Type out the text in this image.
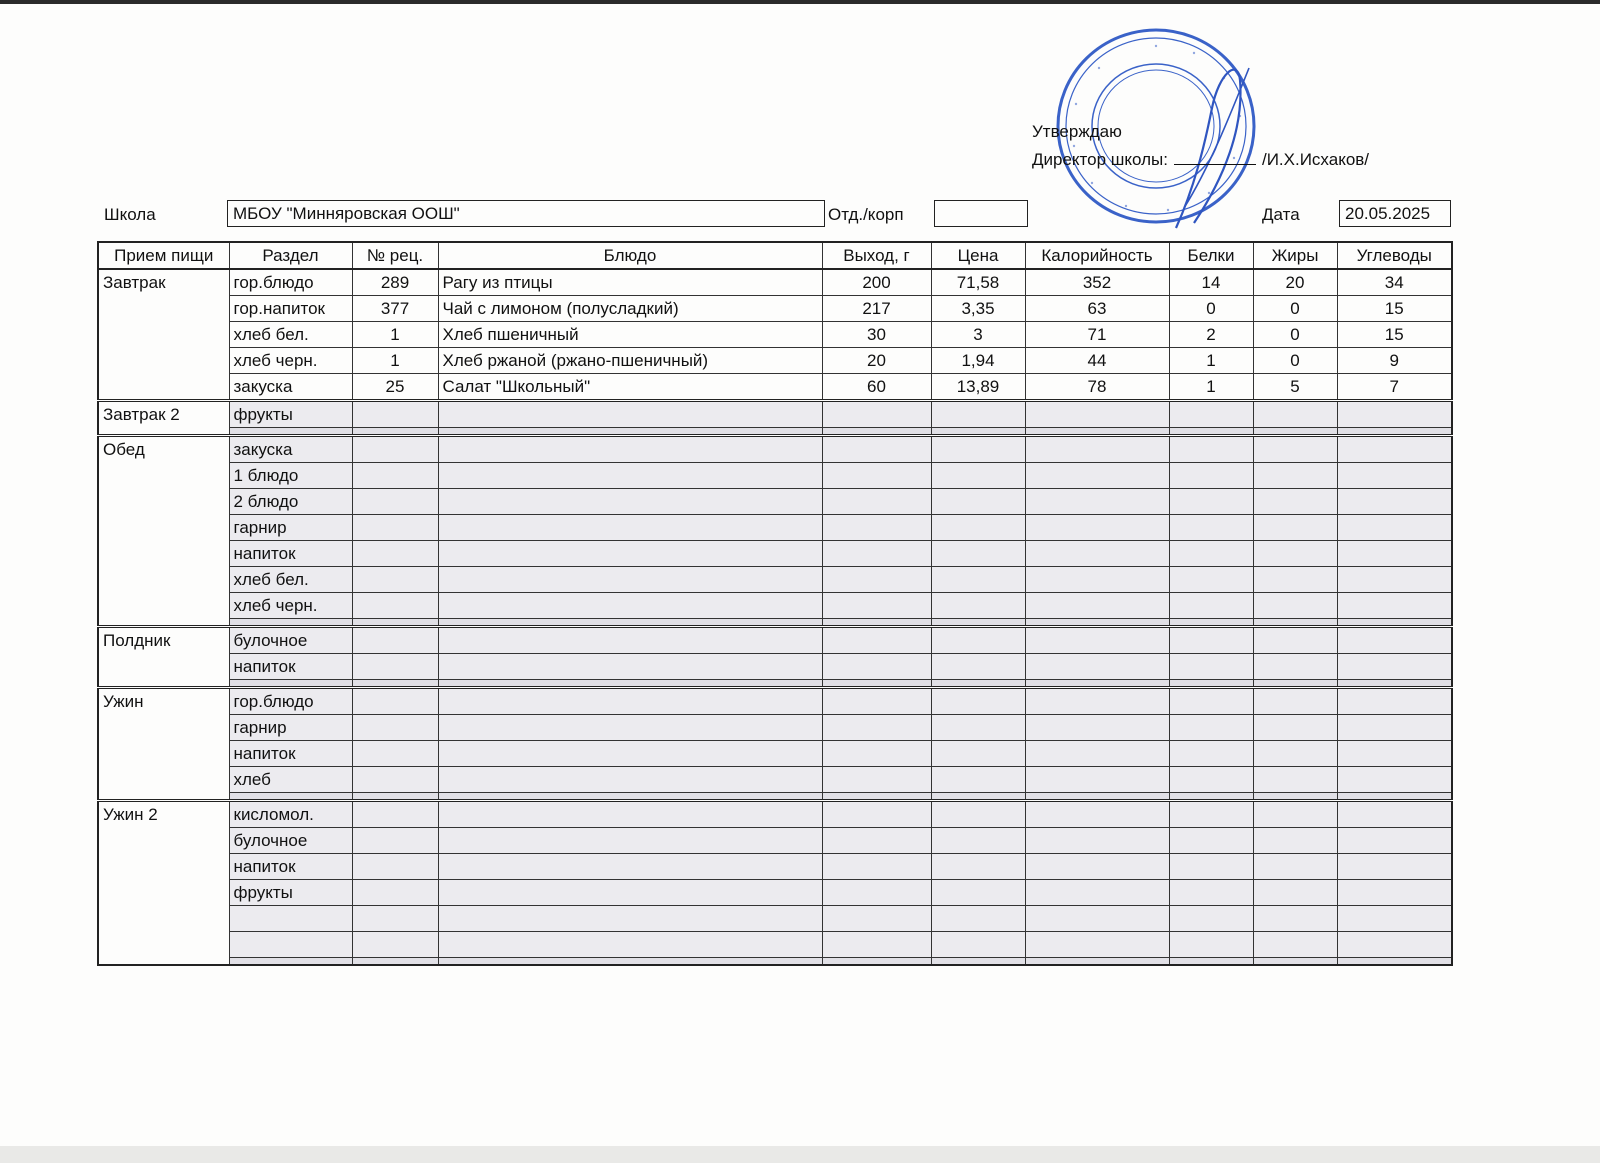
Утверждаю
Директор школы:	/И.Х.Исхаков/
Школа	МБОУ "Минняровская ООШ"	Отд./корп	Дата	20.05.2025
Прием пищи	Раздел	№ рец.	Блюдо	Выход, г	Цена	Калорийность	Белки	Жиры	Углеводы
Завтрак	гор.блюдо	289	Рагу из птицы	200	71,58	352	14	20	34
	гор.напиток	377	Чай с лимоном (полусладкий)	217	3,35	63	0	0	15
	хлеб бел.	1	Хлеб пшеничный	30	3	71	2	0	15
	хлеб черн.	1	Хлеб ржаной (ржано-пшеничный)	20	1,94	44	1	0	9
	закуска	25	Салат "Школьный"	60	13,89	78	1	5	7
Завтрак 2	фрукты								

Обед	закуска								
	1 блюдо								
	2 блюдо								
	гарнир								
	напиток								
	хлеб бел.								
	хлеб черн.								

Полдник	булочное								
	напиток								

Ужин	гор.блюдо								
	гарнир								
	напиток								
	хлеб								

Ужин 2	кисломол.								
	булочное								
	напиток								
	фрукты								
